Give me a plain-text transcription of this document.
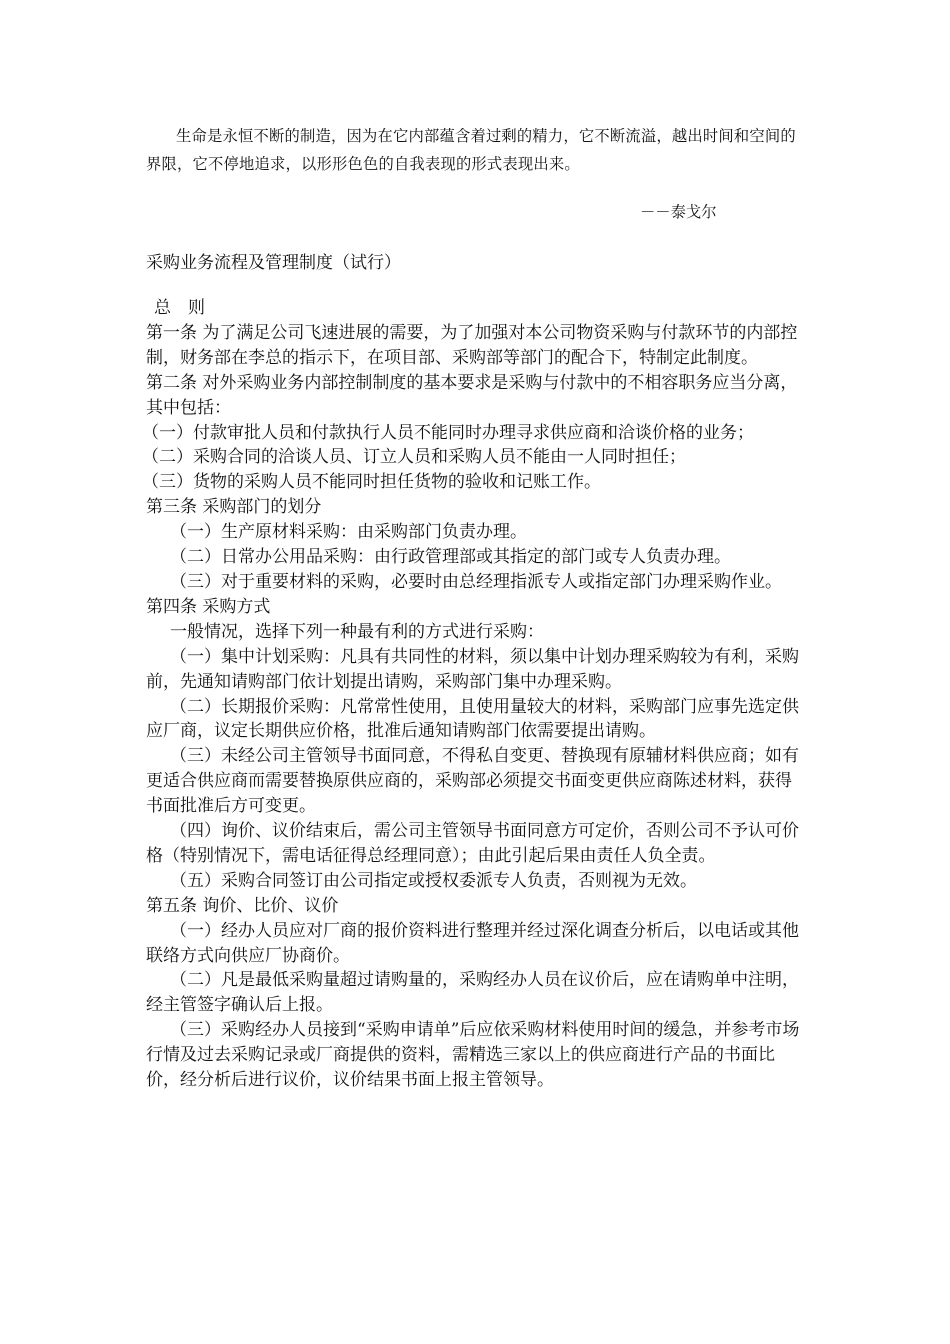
生命是永恒不断的制造，因为在它内部蕴含着过剩的精力，它不断流溢，越出时间和空间的界限，它不停地追求，以形形色色的自我表现的形式表现出来。
－－泰戈尔
采购业务流程及管理制度（试行）

总　则

第一条 为了满足公司飞速进展的需要，为了加强对本公司物资采购与付款环节的内部控制，财务部在李总的指示下，在项目部、采购部等部门的配合下，特制定此制度。

第二条 对外采购业务内部控制制度的基本要求是采购与付款中的不相容职务应当分离，其中包括：

（一）付款审批人员和付款执行人员不能同时办理寻求供应商和洽谈价格的业务；

（二）采购合同的洽谈人员、订立人员和采购人员不能由一人同时担任；

（三）货物的采购人员不能同时担任货物的验收和记账工作。

第三条 采购部门的划分

（一）生产原材料采购：由采购部门负责办理。

（二）日常办公用品采购：由行政管理部或其指定的部门或专人负责办理。

（三）对于重要材料的采购，必要时由总经理指派专人或指定部门办理采购作业。

第四条 采购方式

一般情况，选择下列一种最有利的方式进行采购：

（一）集中计划采购：凡具有共同性的材料，须以集中计划办理采购较为有利，采购前，先通知请购部门依计划提出请购，采购部门集中办理采购。

（二）长期报价采购：凡常常性使用，且使用量较大的材料，采购部门应事先选定供应厂商，议定长期供应价格，批准后通知请购部门依需要提出请购。

（三）未经公司主管领导书面同意，不得私自变更、替换现有原辅材料供应商；如有更适合供应商而需要替换原供应商的，采购部必须提交书面变更供应商陈述材料，获得书面批准后方可变更。

（四）询价、议价结束后，需公司主管领导书面同意方可定价，否则公司不予认可价格（特别情况下，需电话征得总经理同意）；由此引起后果由责任人负全责。

（五）采购合同签订由公司指定或授权委派专人负责，否则视为无效。

第五条 询价、比价、议价

（一）经办人员应对厂商的报价资料进行整理并经过深化调查分析后，以电话或其他联络方式向供应厂协商价。

（二）凡是最低采购量超过请购量的，采购经办人员在议价后，应在请购单中注明，经主管签字确认后上报。

（三）采购经办人员接到“采购申请单”后应依采购材料使用时间的缓急，并参考市场行情及过去采购记录或厂商提供的资料，需精选三家以上的供应商进行产品的书面比价，经分析后进行议价，议价结果书面上报主管领导。
